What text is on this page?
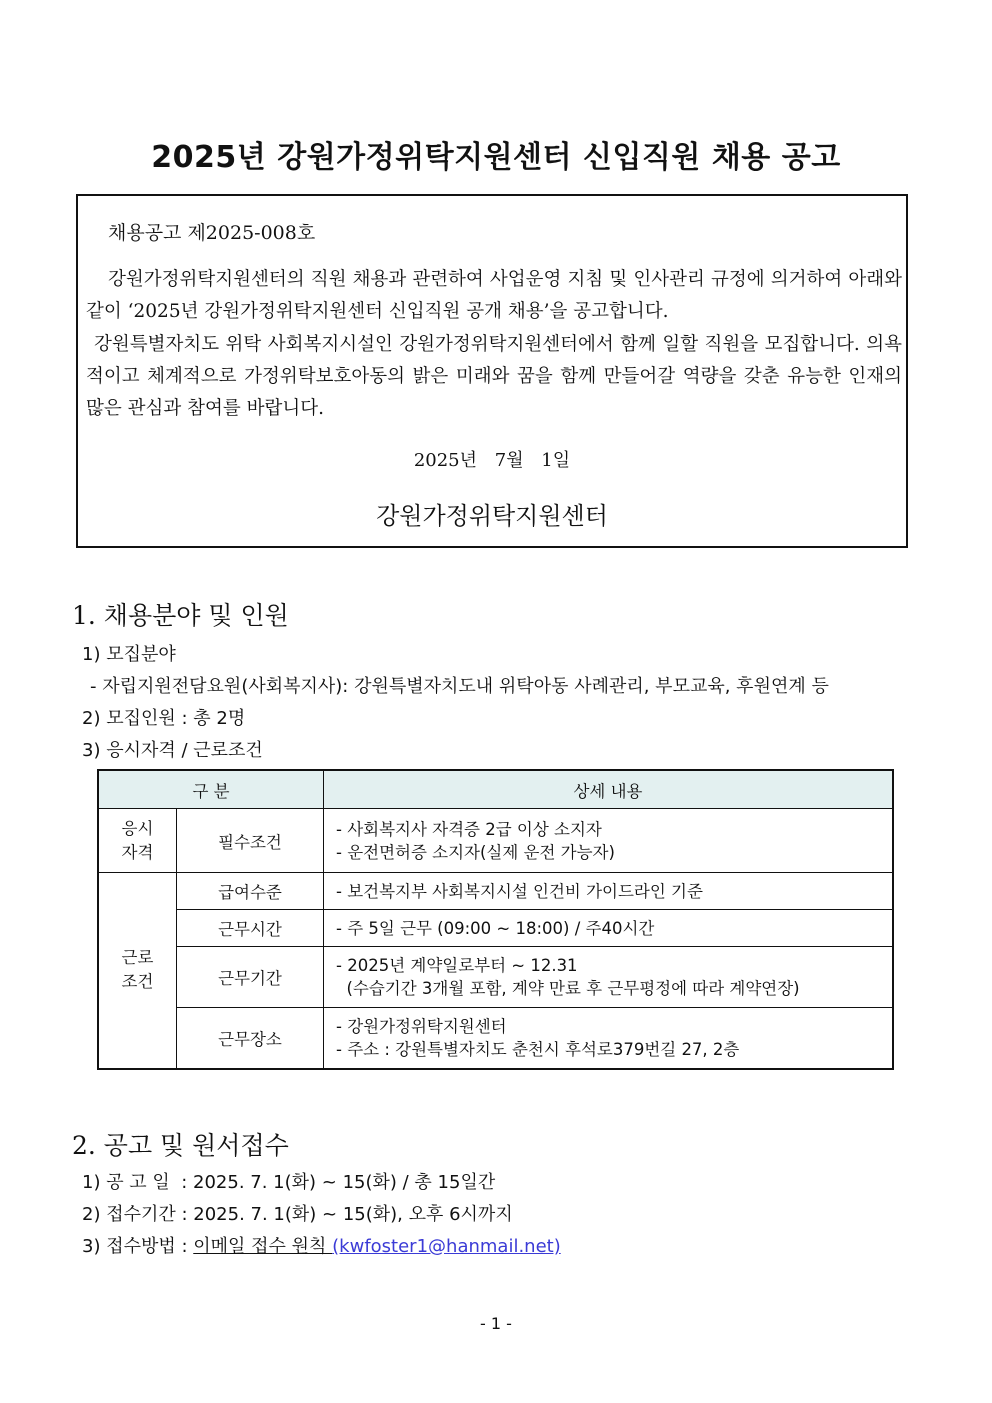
2025년 강원가정위탁지원센터 신입직원 채용 공고
채용공고 제2025-008호
강원가정위탁지원센터의 직원 채용과 관련하여 사업운영 지침 및 인사관리 규정에 의거하여 아래와 같이 ‘2025년 강원가정위탁지원센터 신입직원 공개 채용’을 공고합니다.
강원특별자치도 위탁 사회복지시설인 강원가정위탁지원센터에서 함께 일할 직원을 모집합니다. 의욕적이고 체계적으로 가정위탁보호아동의 밝은 미래와 꿈을 함께 만들어갈 역량을 갖춘 유능한 인재의 많은 관심과 참여를 바랍니다.
2025년 7월 1일
강원가정위탁지원센터
1. 채용분야 및 인원
1) 모집분야
- 자립지원전담요원(사회복지사): 강원특별자치도내 위탁아동 사례관리, 부모교육, 후원연계 등
2) 모집인원 : 총 2명
3) 응시자격 / 근로조건
구 분		상세 내용
응시
자격	필수조건	- 사회복지사 자격증 2급 이상 소지자
- 운전면허증 소지자(실제 운전 가능자)

근로
조건	급여수준	- 보건복지부 사회복지시설 인건비 가이드라인 기준

	근무시간	- 주 5일 근무 (09:00 ~ 18:00) / 주40시간

	근무기간	- 2025년 계약일로부터 ~ 12.31
(수습기간 3개월 포함, 계약 만료 후 근무평정에 따라 계약연장)

	근무장소	- 강원가정위탁지원센터
- 주소 : 강원특별자치도 춘천시 후석로379번길 27, 2층
2. 공고 및 원서접수
1) 공 고 일  : 2025. 7. 1(화) ~ 15(화) / 총 15일간
2) 접수기간 : 2025. 7. 1(화) ~ 15(화), 오후 6시까지
3) 접수방법 : 이메일 접수 원칙 (kwfoster1@hanmail.net)
- 1 -
